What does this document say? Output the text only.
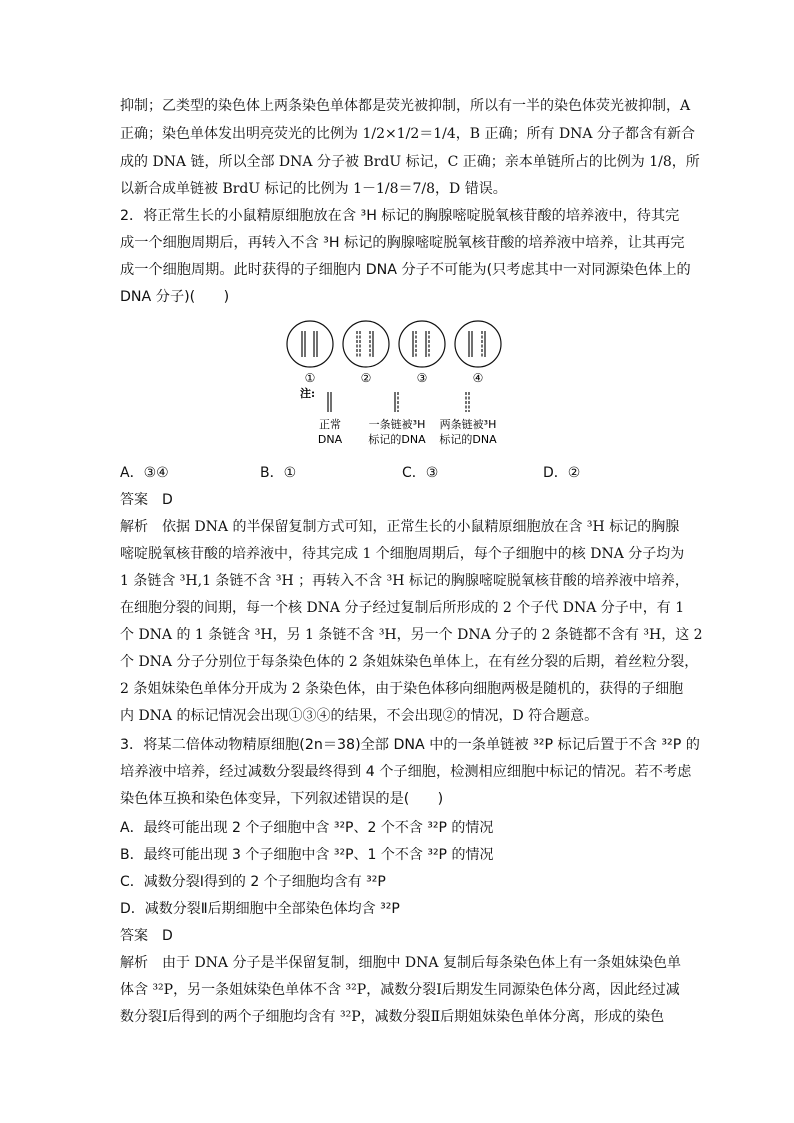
抑制；乙类型的染色体上两条染色单体都是荧光被抑制，所以有一半的染色体荧光被抑制，A
正确；染色单体发出明亮荧光的比例为 1/2×1/2＝1/4，B 正确；所有 DNA 分子都含有新合
成的 DNA 链，所以全部 DNA 分子被 BrdU 标记，C 正确；亲本单链所占的比例为 1/8，所
以新合成单链被 BrdU 标记的比例为 1－1/8＝7/8，D 错误。
2．将正常生长的小鼠精原细胞放在含 ³H 标记的胸腺嘧啶脱氧核苷酸的培养液中，待其完
成一个细胞周期后，再转入不含 ³H 标记的胸腺嘧啶脱氧核苷酸的培养液中培养，让其再完
成一个细胞周期。此时获得的子细胞内 DNA 分子不可能为(只考虑其中一对同源染色体上的
DNA 分子)(　　)
①	②	③	④
注:
正常
DNA
一条链被³H
标记的DNA
两条链被³H
标记的DNA
A．③④	B．①	C．③	D．②
答案　D
解析　依据 DNA 的半保留复制方式可知，正常生长的小鼠精原细胞放在含 ³H 标记的胸腺
嘧啶脱氧核苷酸的培养液中，待其完成 1 个细胞周期后，每个子细胞中的核 DNA 分子均为
1 条链含 ³H,1 条链不含 ³H ；再转入不含 ³H 标记的胸腺嘧啶脱氧核苷酸的培养液中培养，
在细胞分裂的间期，每一个核 DNA 分子经过复制后所形成的 2 个子代 DNA 分子中，有 1
个 DNA 的 1 条链含 ³H，另 1 条链不含 ³H，另一个 DNA 分子的 2 条链都不含有 ³H，这 2
个 DNA 分子分别位于每条染色体的 2 条姐妹染色单体上，在有丝分裂的后期，着丝粒分裂，
2 条姐妹染色单体分开成为 2 条染色体，由于染色体移向细胞两极是随机的，获得的子细胞
内 DNA 的标记情况会出现①③④的结果，不会出现②的情况，D 符合题意。
3．将某二倍体动物精原细胞(2n＝38)全部 DNA 中的一条单链被 ³²P 标记后置于不含 ³²P 的
培养液中培养，经过减数分裂最终得到 4 个子细胞，检测相应细胞中标记的情况。若不考虑
染色体互换和染色体变异，下列叙述错误的是(　　)
A．最终可能出现 2 个子细胞中含 ³²P、2 个不含 ³²P 的情况
B．最终可能出现 3 个子细胞中含 ³²P、1 个不含 ³²P 的情况
C．减数分裂Ⅰ得到的 2 个子细胞均含有 ³²P
D．减数分裂Ⅱ后期细胞中全部染色体均含 ³²P
答案　D
解析　由于 DNA 分子是半保留复制，细胞中 DNA 复制后每条染色体上有一条姐妹染色单
体含 ³²P，另一条姐妹染色单体不含 ³²P，减数分裂Ⅰ后期发生同源染色体分离，因此经过减
数分裂Ⅰ后得到的两个子细胞均含有 ³²P，减数分裂Ⅱ后期姐妹染色单体分离，形成的染色
